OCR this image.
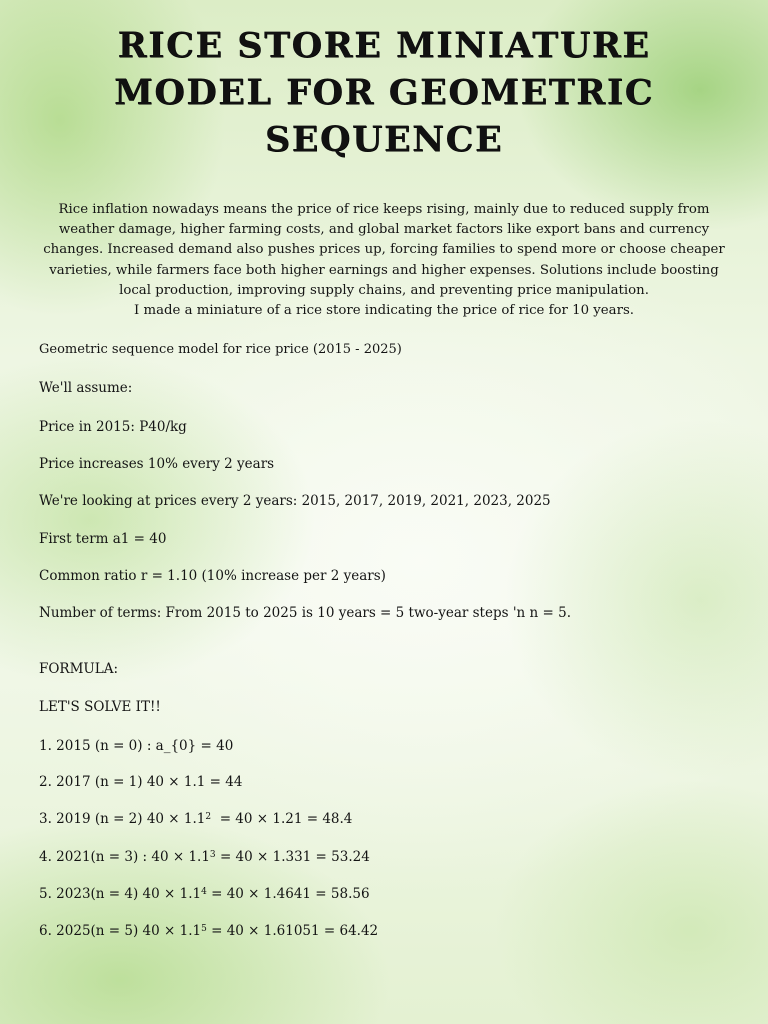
RICE STORE MINIATURE
MODEL FOR GEOMETRIC
SEQUENCE

Rice inflation nowadays means the price of rice keeps rising, mainly due to reduced supply from weather damage, higher farming costs, and global market factors like export bans and currency changes. Increased demand also pushes prices up, forcing families to spend more or choose cheaper varieties, while farmers face both higher earnings and higher expenses. Solutions include boosting local production, improving supply chains, and preventing price manipulation.

I made a miniature of a rice store indicating the price of rice for 10 years.

Geometric sequence model for rice price (2015 - 2025)

We'll assume:

Price in 2015: P40/kg

Price increases 10% every 2 years

We're looking at prices every 2 years: 2015, 2017, 2019, 2021, 2023, 2025

First term a1 = 40

Common ratio r = 1.10 (10% increase per 2 years)

Number of terms: From 2015 to 2025 is 10 years = 5 two-year steps 'n n = 5.

FORMULA:

LET'S SOLVE IT!!

1. 2015 (n = 0) : a_{0} = 40

2. 2017 (n = 1) 40 × 1.1 = 44

3. 2019 (n = 2) $40 \times 1.1^2 = 40 \times 1.21 = 48.4$

4. 2021(n = 3) : $40 \times 1.1^3 = 40 \times 1.331 = 53.24$

5. 2023(n = 4) $40 \times 1.1^4 = 40 \times 1.4641 = 58.56$

6. 2025(n = 5) $40 \times 1.1^5 = 40 \times 1.61051 = 64.42$
